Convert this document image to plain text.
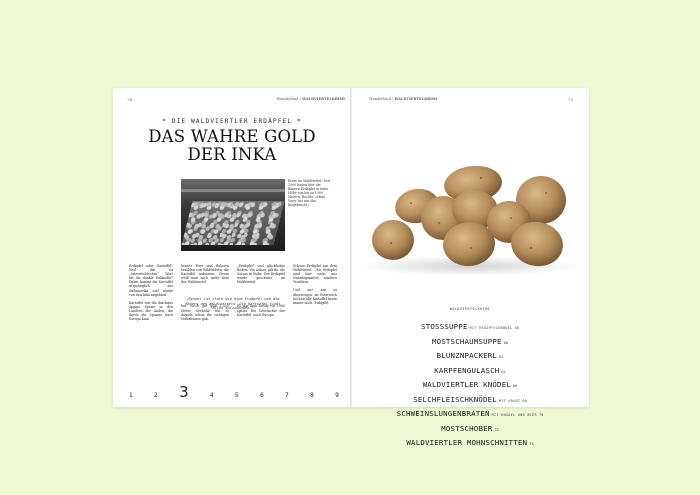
74	Wunderland | WALDVIERTELKRIMI
* DIE WALDVIERTLER ERDÄPFEL *
DAS WAHRE GOLD
DER INKA
Ernte im Waldviertel: Seit 1900 bauen hier die Bauern Erdäpfel in einer Höhe von bis zu 1000 Metern. Rechts: »Mein Vater hat mir das beigebracht«
Erdäpfel oder Kartoffel? Weil das ist „österreichisches“ Wort für die dunkle Erdknolle? Dabei kommt die Kartoffel ursprünglich aus Südamerika und wurde von den Inka angebaut.
Kartoffel war die durchaus üppige Speise in den Ländern der Anden, die durch die Spanier nach Europa kam.
bereits Peru und Bolivien erzählen von Wildfeldern, die Kartoffel anbauten. Heute weiß man noch mehr über das Waldviertel.
hat. Noch gut gibt 1.000 Meter Seehöhe wie es damals schon die richtigen Verhältnisse gab.
„Erdäpfel“ und glücklicher Boden. Vor Anbau gilt für die Saison in Ruhe. Der Erdapfel wurde geschätzt im Waldviertel.
Es war kein Erfolg vor 1900 später. Die Geschichte der Kartoffel, nach Europa.
Schöne Erdäpfel aus dem Waldviertel – die Erdäpfel sind hier nicht nur Nahrungsmittel, sondern Tradition.
Und nur um zu überzeugen: im Österreich kochen alle Kartoffel heute immer noch. Erdäpfel.
„Keiner ist stark wie eine Erdäpfel und die Bauern des Waldviertels. Die Kartoffel tickt alles aufzuwenden.“
1	2 3	4	5	6	7	8	9
Wunderland | WALDVIERTELKRIMI	75
WALDVIERTELKRIMI
STOSSSUPPE MIT ERDÄPFELKNÖDEL 58
MOSTSCHAUMSUPPE 60
BLUNZNPACKERL 62
KARPFENGULASCH 64
WALDVIERTLER KNÖDEL 66
SELCHFLEISCHKNÖDEL MIT KRAUT 68
SCHWEINSLUNGENBRATEN MIT KNÖDEL UND BIER 70
MOSTSCHOBER 72
WALDVIERTLER MOHNSCHNITTEN 74
